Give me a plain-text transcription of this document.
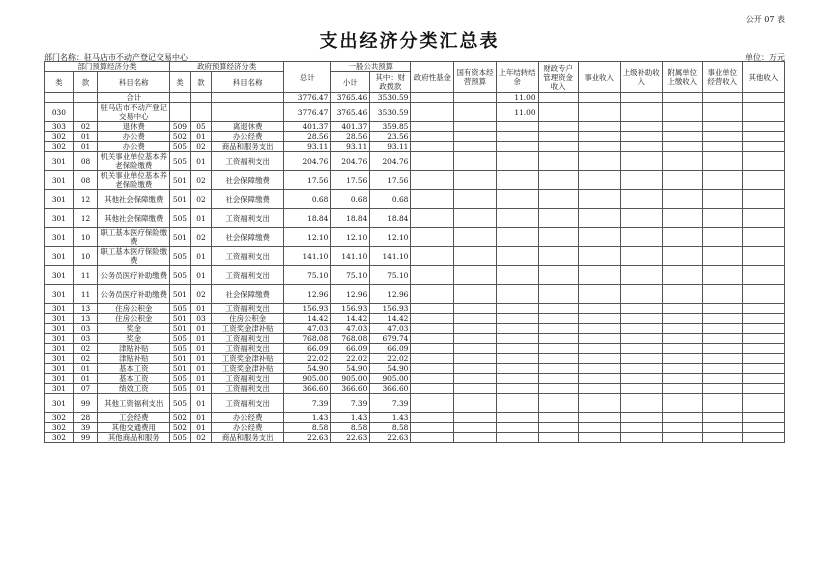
公开 07 表
支出经济分类汇总表
部门名称：驻马店市不动产登记交易中心	单位：万元
部门预算经济分类			政府预算经济分类			总计	一般公共预算		政府性基金	国有资本经营预算	上年结转结余	财政专户管理资金收入	事业收入	上级补助收入	附属单位上缴收入	事业单位经营收入	其他收入
类	款	科目名称	类	款	科目名称		小计	其中：财政拨款									
		合计				3776.47	3765.46	3530.59			11.00						
030		驻马店市不动产登记交易中心				3776.47	3765.46	3530.59			11.00						
303	02	退休费	509	05	离退休费	401.37	401.37	359.85									
302	01	办公费	502	01	办公经费	28.56	28.56	23.56									
302	01	办公费	505	02	商品和服务支出	93.11	93.11	93.11									
301	08	机关事业单位基本养老保险缴费	505	01	工资福利支出	204.76	204.76	204.76									
301	08	机关事业单位基本养老保险缴费	501	02	社会保障缴费	17.56	17.56	17.56									
301	12	其他社会保障缴费	501	02	社会保障缴费	0.68	0.68	0.68									
301	12	其他社会保障缴费	505	01	工资福利支出	18.84	18.84	18.84									
301	10	职工基本医疗保险缴费	501	02	社会保障缴费	12.10	12.10	12.10									
301	10	职工基本医疗保险缴费	505	01	工资福利支出	141.10	141.10	141.10									
301	11	公务员医疗补助缴费	505	01	工资福利支出	75.10	75.10	75.10									
301	11	公务员医疗补助缴费	501	02	社会保障缴费	12.96	12.96	12.96									
301	13	住房公积金	505	01	工资福利支出	156.93	156.93	156.93									
301	13	住房公积金	501	03	住房公积金	14.42	14.42	14.42									
301	03	奖金	501	01	工资奖金津补贴	47.03	47.03	47.03									
301	03	奖金	505	01	工资福利支出	768.08	768.08	679.74									
301	02	津贴补贴	505	01	工资福利支出	66.09	66.09	66.09									
301	02	津贴补贴	501	01	工资奖金津补贴	22.02	22.02	22.02									
301	01	基本工资	501	01	工资奖金津补贴	54.90	54.90	54.90									
301	01	基本工资	505	01	工资福利支出	905.00	905.00	905.00									
301	07	绩效工资	505	01	工资福利支出	366.60	366.60	366.60									
301	99	其他工资福利支出	505	01	工资福利支出	7.39	7.39	7.39									
302	28	工会经费	502	01	办公经费	1.43	1.43	1.43									
302	39	其他交通费用	502	01	办公经费	8.58	8.58	8.58									
302	99	其他商品和服务	505	02	商品和服务支出	22.63	22.63	22.63									
